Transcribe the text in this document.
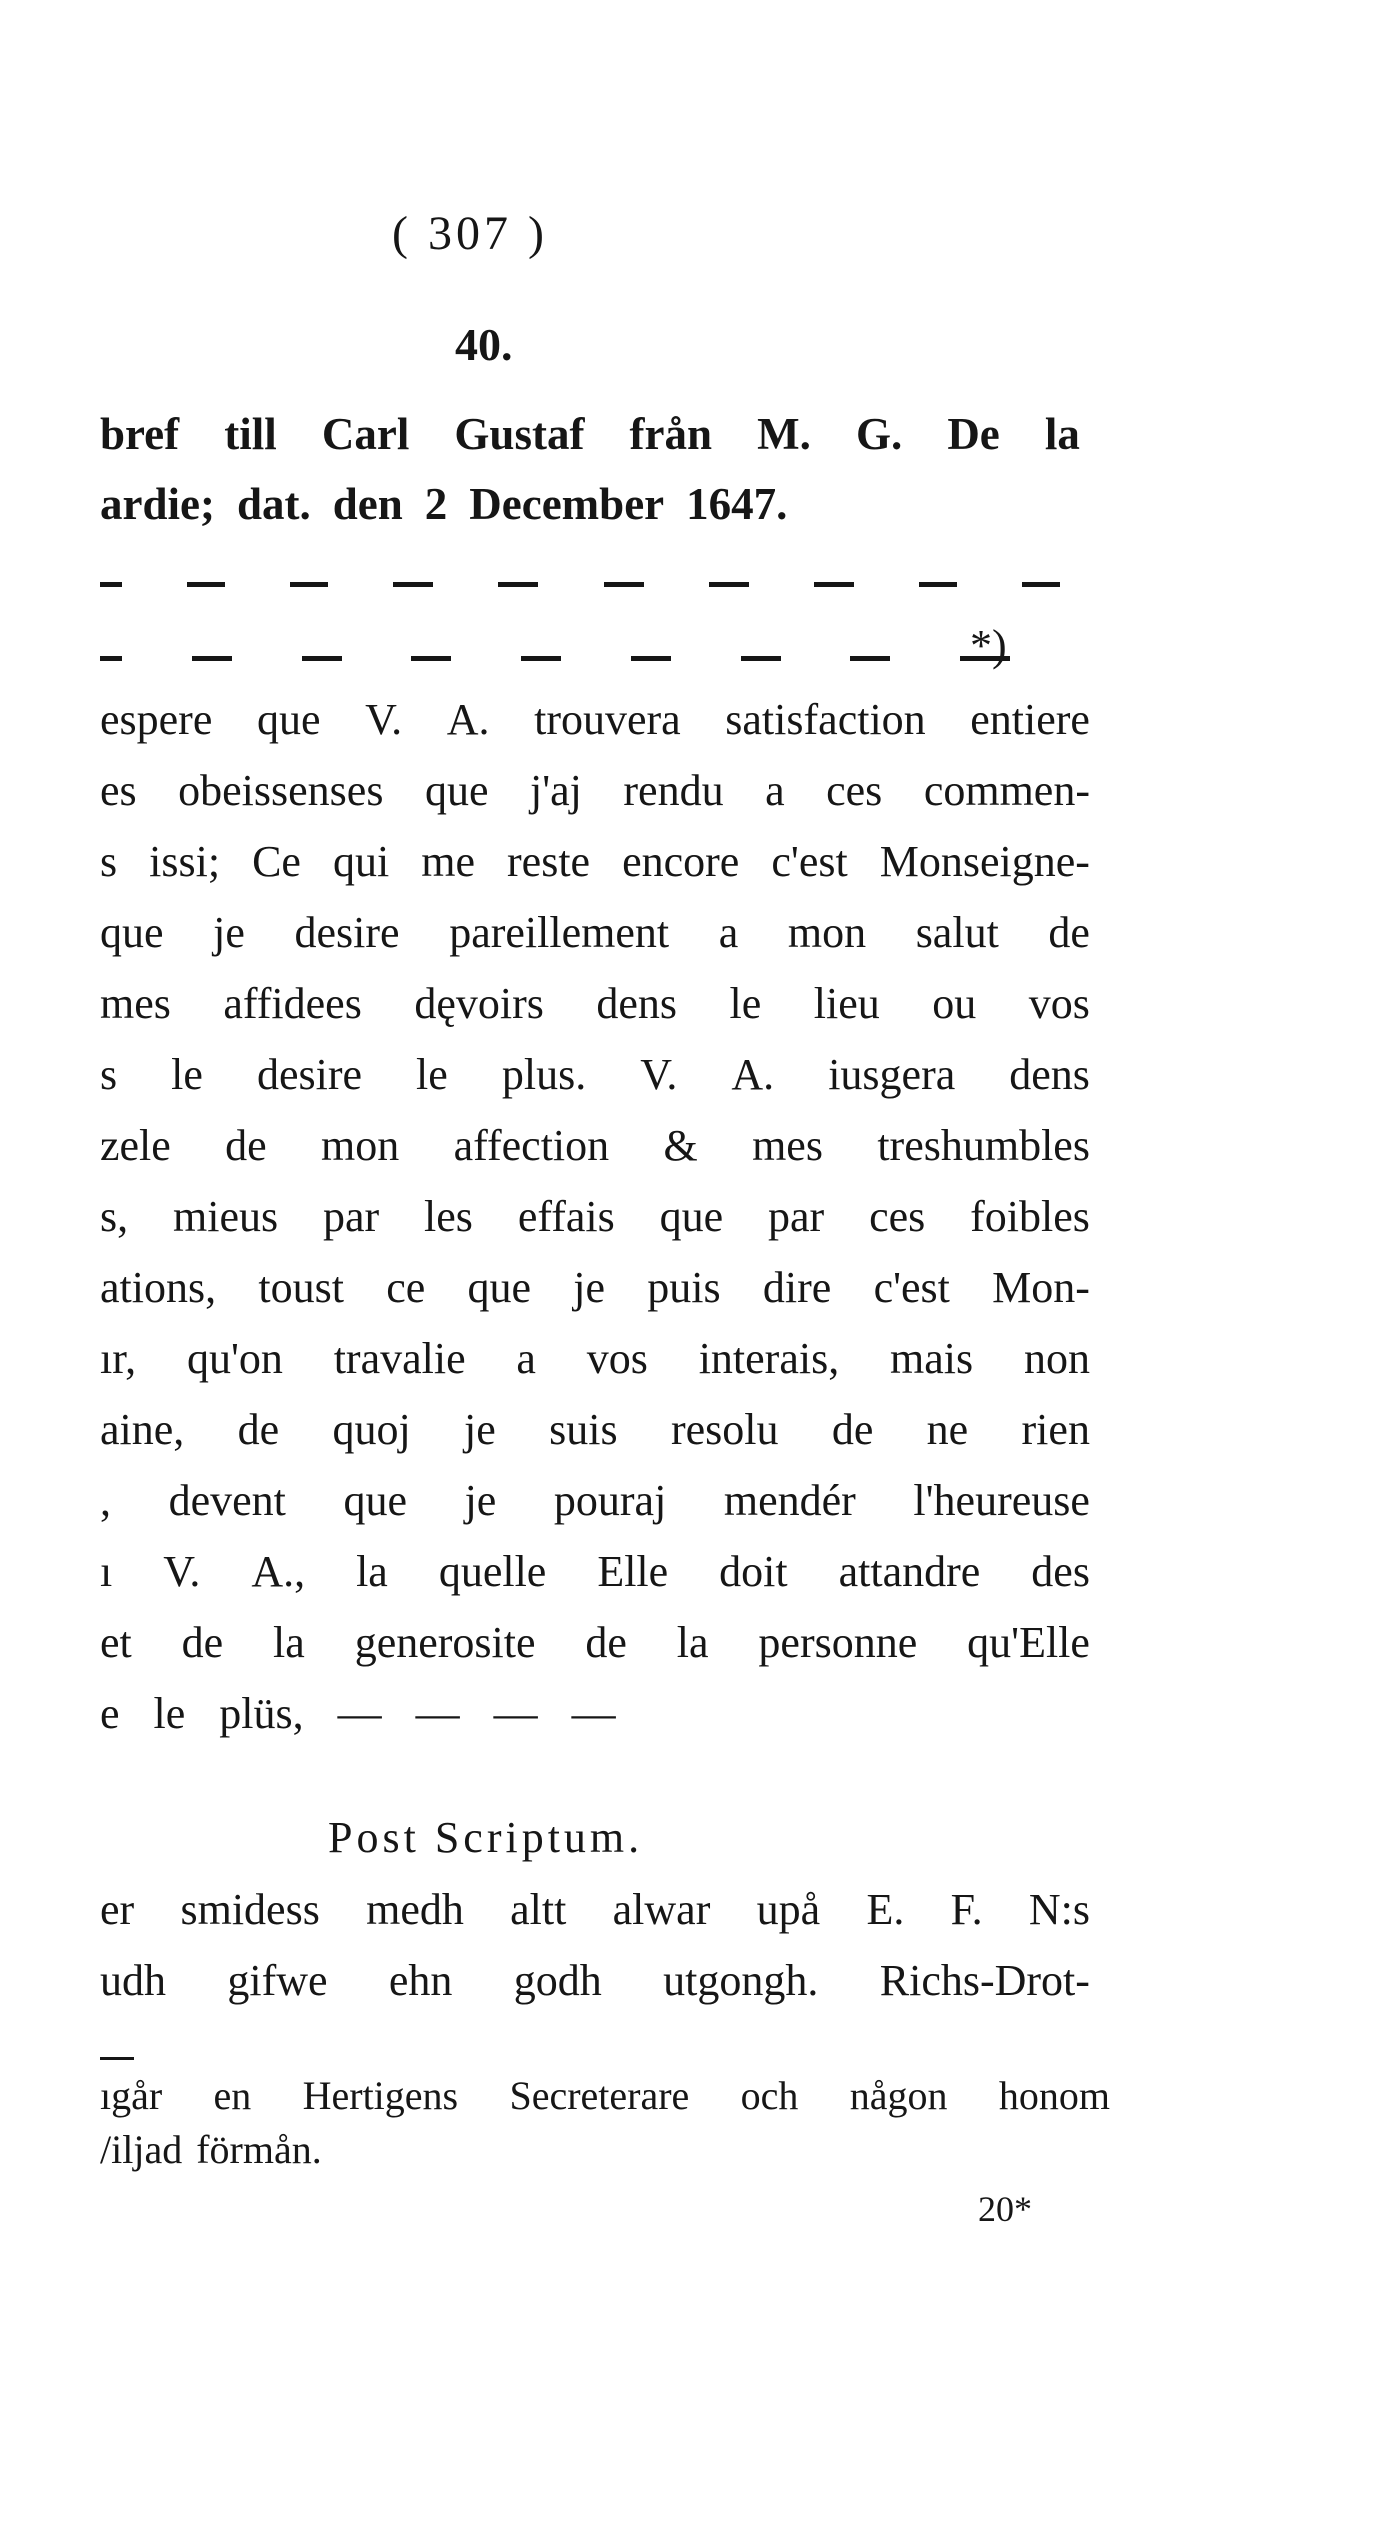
( 307 )
40.
*)
espere que V. A. trouvera satisfaction entiere
es obeissenses que j'aj rendu a ces commen-
s issi; Ce qui me reste encore c'est Monseigne-
que je desire pareillement a mon salut de
mes affidees dęvoirs dens le lieu ou vos
s le desire le plus. V. A. iusgera dens
zele de mon affection & mes treshumbles
s, mieus par les effais que par ces foibles
ations, toust ce que je puis dire c'est Mon-
ır, qu'on travalie a vos interais, mais non
aine, de quoj je suis resolu de ne rien
, devent que je pouraj mendér l'heureuse
ı V. A., la quelle Elle doit attandre des
et de la generosite de la personne qu'Elle
e le plüs, — — — —
Post Scriptum.
er smidess medh altt alwar upå E. F. N:s
udh gifwe ehn godh utgongh. Richs-Drot-
ıgår en Hertigens Secreterare och någon honom
/iljad förmån.
20*
bref till Carl Gustaf från M. G. De la
ardie; dat. den 2 December 1647.
